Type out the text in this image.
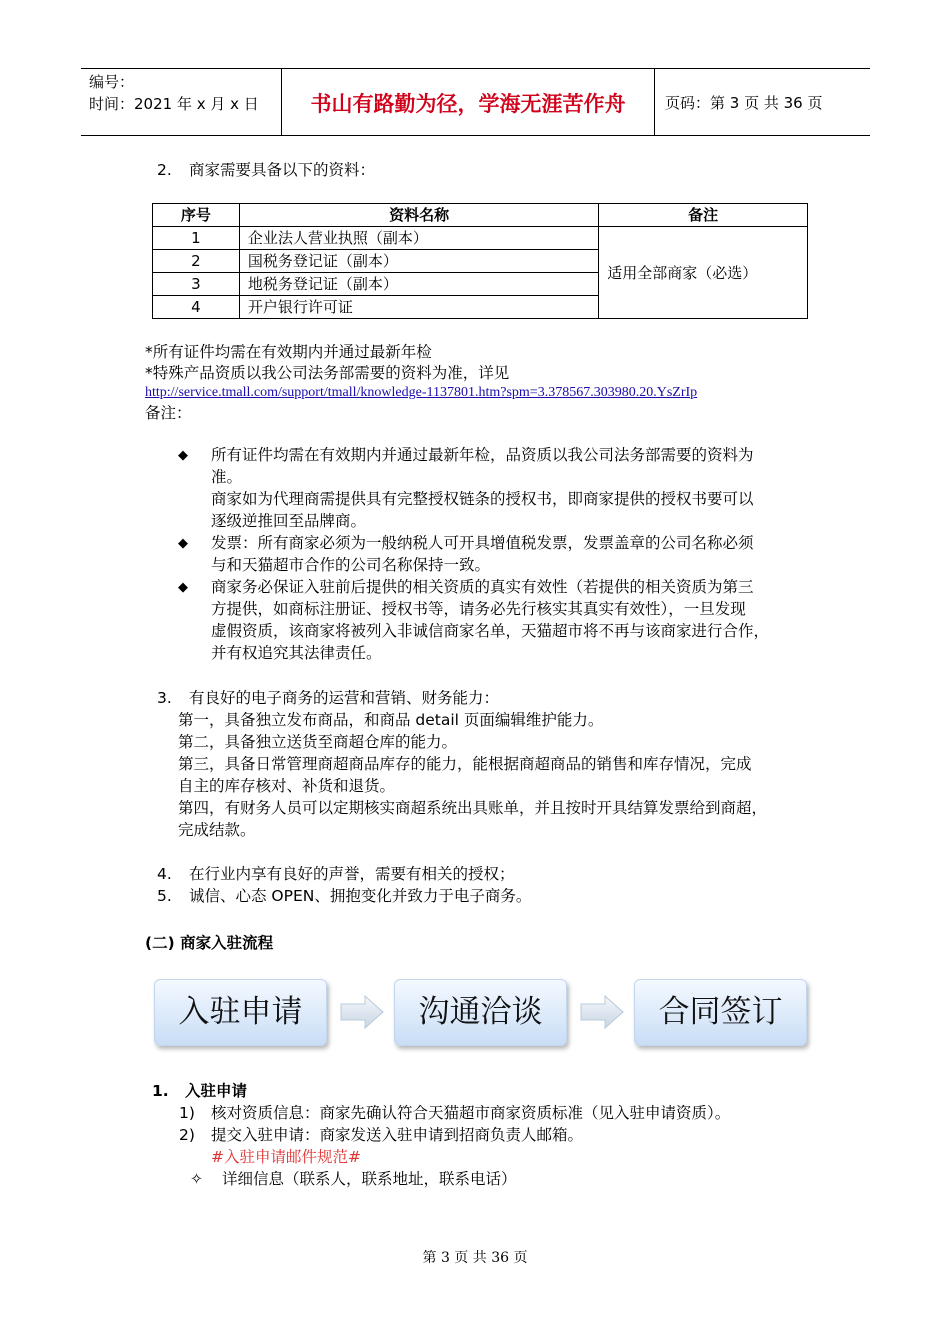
编号：
时间：2021 年 x 月 x 日	书山有路勤为径，学海无涯苦作舟	页码：第 3 页 共 36 页
2. 商家需要具备以下的资料：
序号	资料名称	备注
1	企业法人营业执照（副本）	适用全部商家（必选）
2	国税务登记证（副本）	
3	地税务登记证（副本）	
4	开户银行许可证	
*所有证件均需在有效期内并通过最新年检
*特殊产品资质以我公司法务部需要的资料为准，详见
http://service.tmall.com/support/tmall/knowledge-1137801.htm?spm=3.378567.303980.20.YsZrIp
备注：
◆ 所有证件均需在有效期内并通过最新年检，品资质以我公司法务部需要的资料为
准。
商家如为代理商需提供具有完整授权链条的授权书，即商家提供的授权书要可以
逐级逆推回至品牌商。
◆ 发票：所有商家必须为一般纳税人可开具增值税发票，发票盖章的公司名称必须
与和天猫超市合作的公司名称保持一致。
◆ 商家务必保证入驻前后提供的相关资质的真实有效性（若提供的相关资质为第三
方提供，如商标注册证、授权书等，请务必先行核实其真实有效性），一旦发现
虚假资质，该商家将被列入非诚信商家名单，天猫超市将不再与该商家进行合作，
并有权追究其法律责任。
3. 有良好的电子商务的运营和营销、财务能力：
第一，具备独立发布商品，和商品 detail 页面编辑维护能力。
第二，具备独立送货至商超仓库的能力。
第三，具备日常管理商超商品库存的能力，能根据商超商品的销售和库存情况，完成
自主的库存核对、补货和退货。
第四，有财务人员可以定期核实商超系统出具账单，并且按时开具结算发票给到商超，
完成结款。
4. 在行业内享有良好的声誉，需要有相关的授权；
5. 诚信、心态 OPEN、拥抱变化并致力于电子商务。
(二) 商家入驻流程
入驻申请	沟通洽谈	合同签订
1. 入驻申请
1) 核对资质信息：商家先确认符合天猫超市商家资质标准（见入驻申请资质）。
2) 提交入驻申请：商家发送入驻申请到招商负责人邮箱。
#入驻申请邮件规范#
✧ 详细信息（联系人，联系地址，联系电话）
第 3 页 共 36 页
